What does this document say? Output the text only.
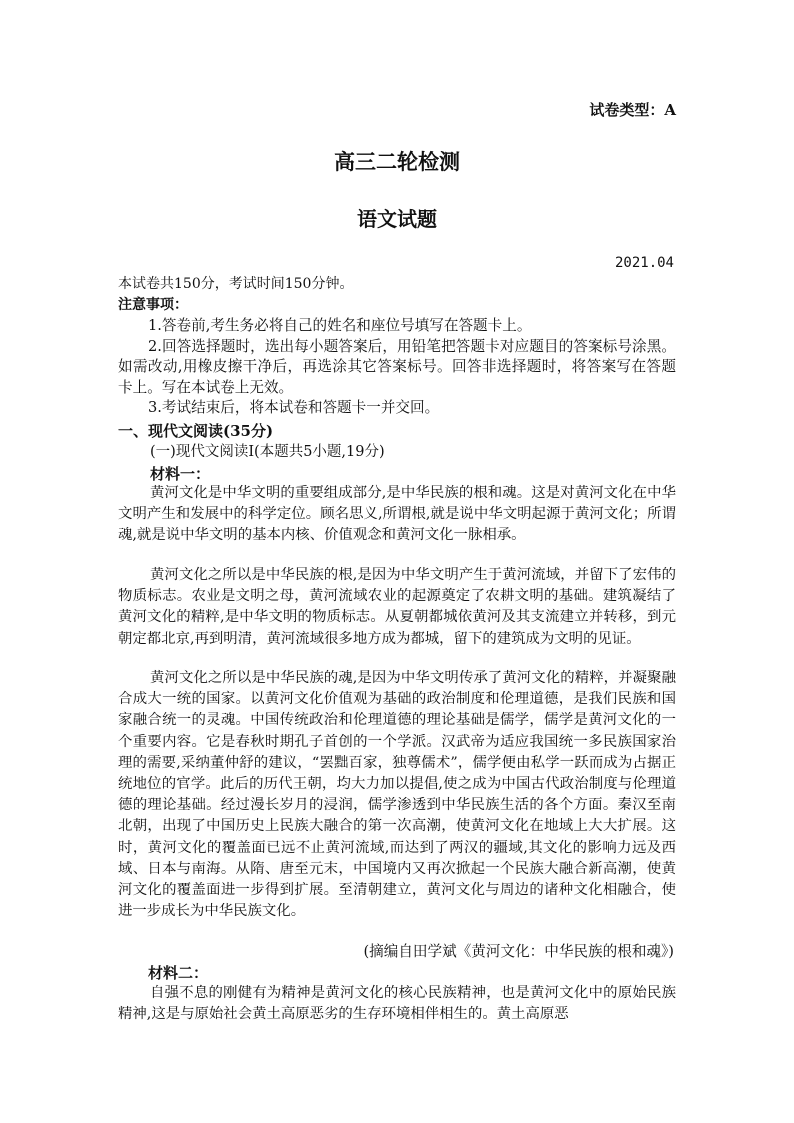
试卷类型：A
高三二轮检测
语文试题
2021.04
本试卷共150分，考试时间150分钟。
注意事项：

1.答卷前,考生务必将自己的姓名和座位号填写在答题卡上。

2.回答选择题时，选出每小题答案后，用铅笔把答题卡对应题目的答案标号涂黑。如需改动,用橡皮擦干净后，再选涂其它答案标号。回答非选择题时，将答案写在答题卡上。写在本试卷上无效。

3.考试结束后，将本试卷和答题卡一并交回。

一、现代文阅读(35分)
(一)现代文阅读Ⅰ(本题共5小题,19分)
材料一：

黄河文化是中华文明的重要组成部分,是中华民族的根和魂。这是对黄河文化在中华文明产生和发展中的科学定位。顾名思义,所谓根,就是说中华文明起源于黄河文化；所谓魂,就是说中华文明的基本内核、价值观念和黄河文化一脉相承。

黄河文化之所以是中华民族的根,是因为中华文明产生于黄河流域，并留下了宏伟的物质标志。农业是文明之母，黄河流域农业的起源奠定了农耕文明的基础。建筑凝结了黄河文化的精粹,是中华文明的物质标志。从夏朝都城依黄河及其支流建立并转移，到元朝定都北京,再到明清，黄河流域很多地方成为都城，留下的建筑成为文明的见证。

黄河文化之所以是中华民族的魂,是因为中华文明传承了黄河文化的精粹，并凝聚融合成大一统的国家。以黄河文化价值观为基础的政治制度和伦理道德，是我们民族和国家融合统一的灵魂。中国传统政治和伦理道德的理论基础是儒学，儒学是黄河文化的一个重要内容。它是春秋时期孔子首创的一个学派。汉武帝为适应我国统一多民族国家治理的需要,采纳董仲舒的建议，“罢黜百家，独尊儒术”，儒学便由私学一跃而成为占据正统地位的官学。此后的历代王朝，均大力加以提倡,使之成为中国古代政治制度与伦理道德的理论基础。经过漫长岁月的浸润，儒学渗透到中华民族生活的各个方面。秦汉至南北朝，出现了中国历史上民族大融合的第一次高潮，使黄河文化在地域上大大扩展。这时，黄河文化的覆盖面已远不止黄河流域,而达到了两汉的疆域,其文化的影响力远及西域、日本与南海。从隋、唐至元末，中国境内又再次掀起一个民族大融合新高潮，使黄河文化的覆盖面进一步得到扩展。至清朝建立，黄河文化与周边的诸种文化相融合，使进一步成长为中华民族文化。

(摘编自田学斌《黄河文化：中华民族的根和魂》)
材料二：

自强不息的刚健有为精神是黄河文化的核心民族精神，也是黄河文化中的原始民族精神,这是与原始社会黄土高原恶劣的生存环境相伴相生的。黄土高原恶
